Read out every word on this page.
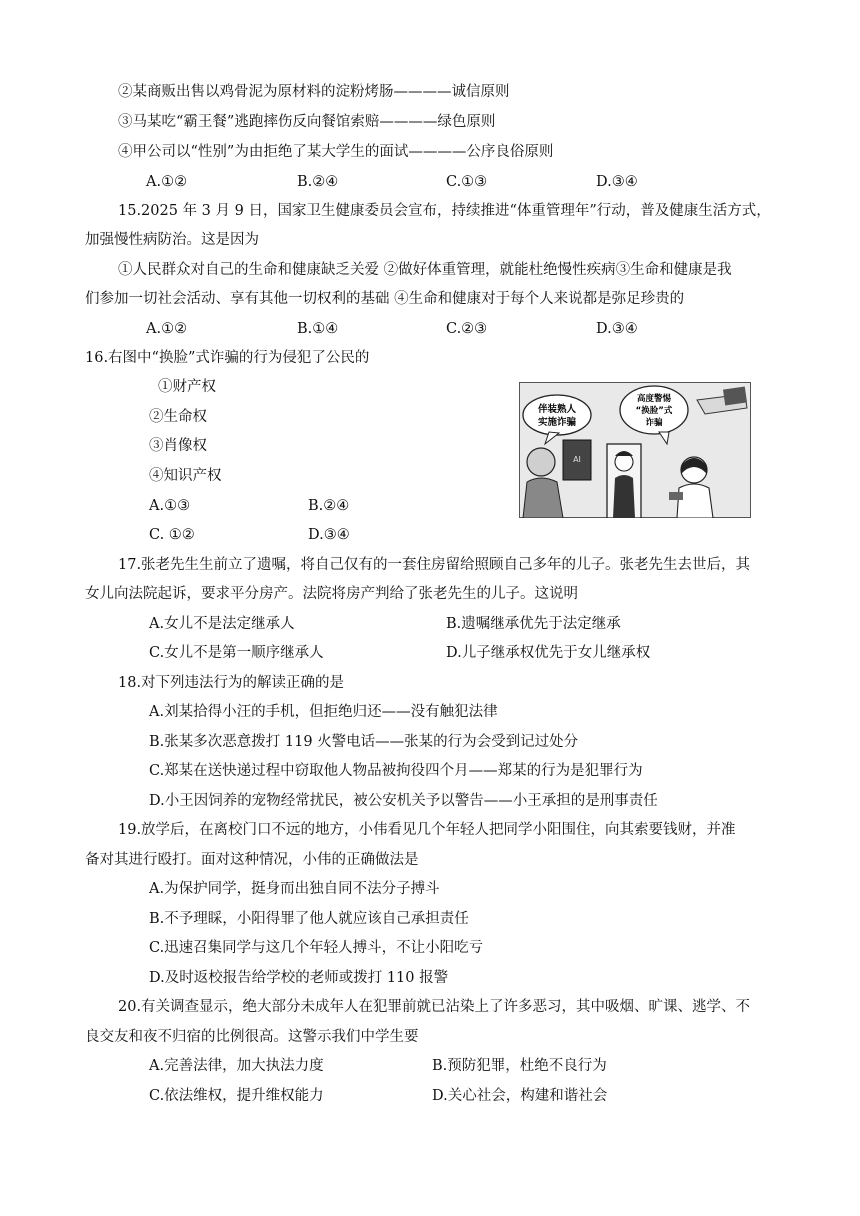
②某商贩出售以鸡骨泥为原材料的淀粉烤肠————诚信原则
③马某吃“霸王餐”逃跑摔伤反向餐馆索赔————绿色原则
④甲公司以“性别”为由拒绝了某大学生的面试————公序良俗原则
A.①②	B.②④	C.①③	D.③④
15.2025 年 3 月 9 日，国家卫生健康委员会宣布，持续推进“体重管理年”行动，普及健康生活方式，
加强慢性病防治。这是因为
①人民群众对自己的生命和健康缺乏关爱 ②做好体重管理，就能杜绝慢性疾病③生命和健康是我
们参加一切社会活动、享有其他一切权利的基础 ④生命和健康对于每个人来说都是弥足珍贵的
A.①②	B.①④	C.②③	D.③④
16.右图中“换脸”式诈骗的行为侵犯了公民的
①财产权
②生命权
③肖像权
④知识产权
A.①③	B.②④
C. ①②	D.③④
伴装熟人
实施诈骗
高度警惕
“换脸”式
诈骗
AI
17.张老先生生前立了遗嘱，将自己仅有的一套住房留给照顾自己多年的儿子。张老先生去世后，其
女儿向法院起诉，要求平分房产。法院将房产判给了张老先生的儿子。这说明
A.女儿不是法定继承人	B.遗嘱继承优先于法定继承
C.女儿不是第一顺序继承人	D.儿子继承权优先于女儿继承权
18.对下列违法行为的解读正确的是
A.刘某拾得小汪的手机，但拒绝归还——没有触犯法律
B.张某多次恶意拨打 119 火警电话——张某的行为会受到记过处分
C.郑某在送快递过程中窃取他人物品被拘役四个月——郑某的行为是犯罪行为
D.小王因饲养的宠物经常扰民，被公安机关予以警告——小王承担的是刑事责任
19.放学后，在离校门口不远的地方，小伟看见几个年轻人把同学小阳围住，向其索要钱财，并准
备对其进行殴打。面对这种情况，小伟的正确做法是
A.为保护同学，挺身而出独自同不法分子搏斗
B.不予理睬，小阳得罪了他人就应该自己承担责任
C.迅速召集同学与这几个年轻人搏斗，不让小阳吃亏
D.及时返校报告给学校的老师或拨打 110 报警
20.有关调查显示，绝大部分未成年人在犯罪前就已沾染上了许多恶习，其中吸烟、旷课、逃学、不
良交友和夜不归宿的比例很高。这警示我们中学生要
A.完善法律，加大执法力度	B.预防犯罪，杜绝不良行为
C.依法维权，提升维权能力	D.关心社会，构建和谐社会
